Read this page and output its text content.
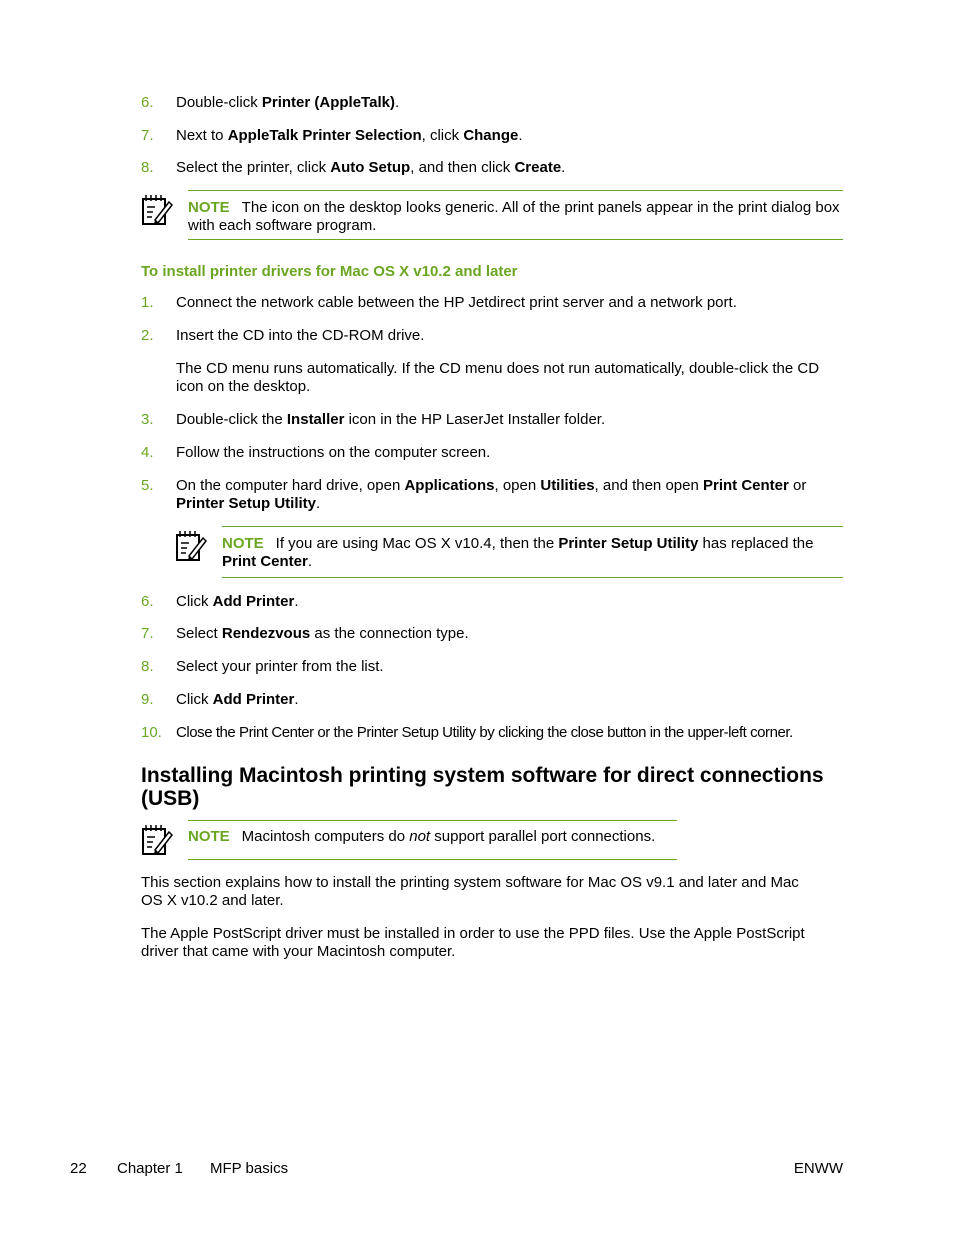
6. Double-click Printer (AppleTalk).
7. Next to AppleTalk Printer Selection, click Change.
8. Select the printer, click Auto Setup, and then click Create.
NOTE The icon on the desktop looks generic. All of the print panels appear in the print dialog box with each software program.
To install printer drivers for Mac OS X v10.2 and later
1. Connect the network cable between the HP Jetdirect print server and a network port.
2. Insert the CD into the CD-ROM drive.
The CD menu runs automatically. If the CD menu does not run automatically, double-click the CD icon on the desktop.
3. Double-click the Installer icon in the HP LaserJet Installer folder.
4. Follow the instructions on the computer screen.
5. On the computer hard drive, open Applications, open Utilities, and then open Print Center or Printer Setup Utility.
NOTE If you are using Mac OS X v10.4, then the Printer Setup Utility has replaced the Print Center.
6. Click Add Printer.
7. Select Rendezvous as the connection type.
8. Select your printer from the list.
9. Click Add Printer.
10. Close the Print Center or the Printer Setup Utility by clicking the close button in the upper-left corner.
Installing Macintosh printing system software for direct connections (USB)
NOTE Macintosh computers do not support parallel port connections.
This section explains how to install the printing system software for Mac OS v9.1 and later and Mac OS X v10.2 and later.
The Apple PostScript driver must be installed in order to use the PPD files. Use the Apple PostScript driver that came with your Macintosh computer.
22 Chapter 1 MFP basics	ENWW
